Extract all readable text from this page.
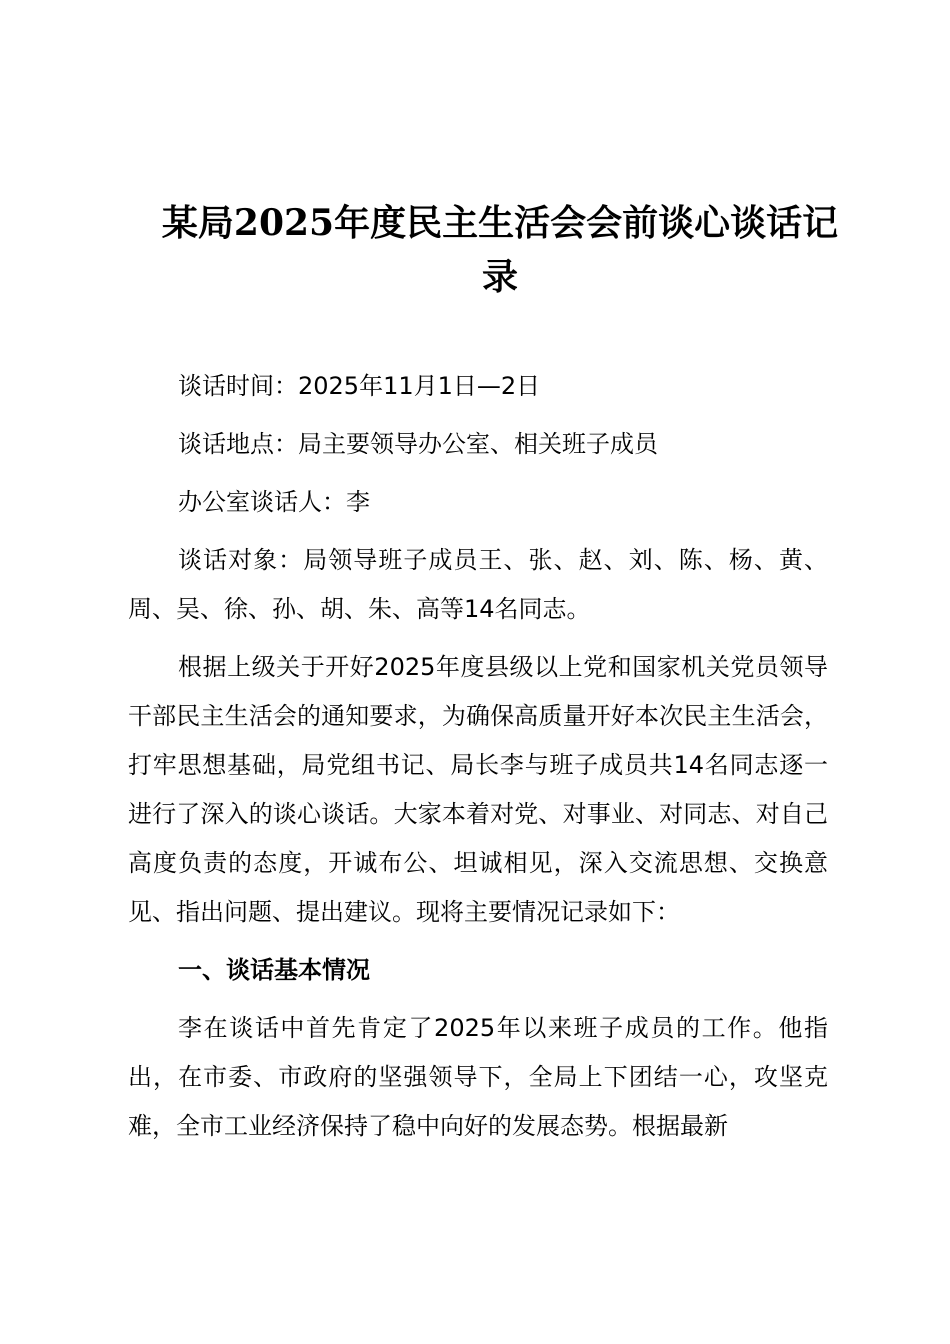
某局2025年度民主生活会会前谈心谈话记录

谈话时间：2025年11月1日—2日

谈话地点：局主要领导办公室、相关班子成员

办公室谈话人：李

谈话对象：局领导班子成员王、张、赵、刘、陈、杨、黄、周、吴、徐、孙、胡、朱、高等14名同志。

根据上级关于开好2025年度县级以上党和国家机关党员领导干部民主生活会的通知要求，为确保高质量开好本次民主生活会，打牢思想基础，局党组书记、局长李与班子成员共14名同志逐一进行了深入的谈心谈话。大家本着对党、对事业、对同志、对自己高度负责的态度，开诚布公、坦诚相见，深入交流思想、交换意见、指出问题、提出建议。现将主要情况记录如下：

一、谈话基本情况

李在谈话中首先肯定了2025年以来班子成员的工作。他指出，在市委、市政府的坚强领导下，全局上下团结一心，攻坚克难，全市工业经济保持了稳中向好的发展态势。根据最新
